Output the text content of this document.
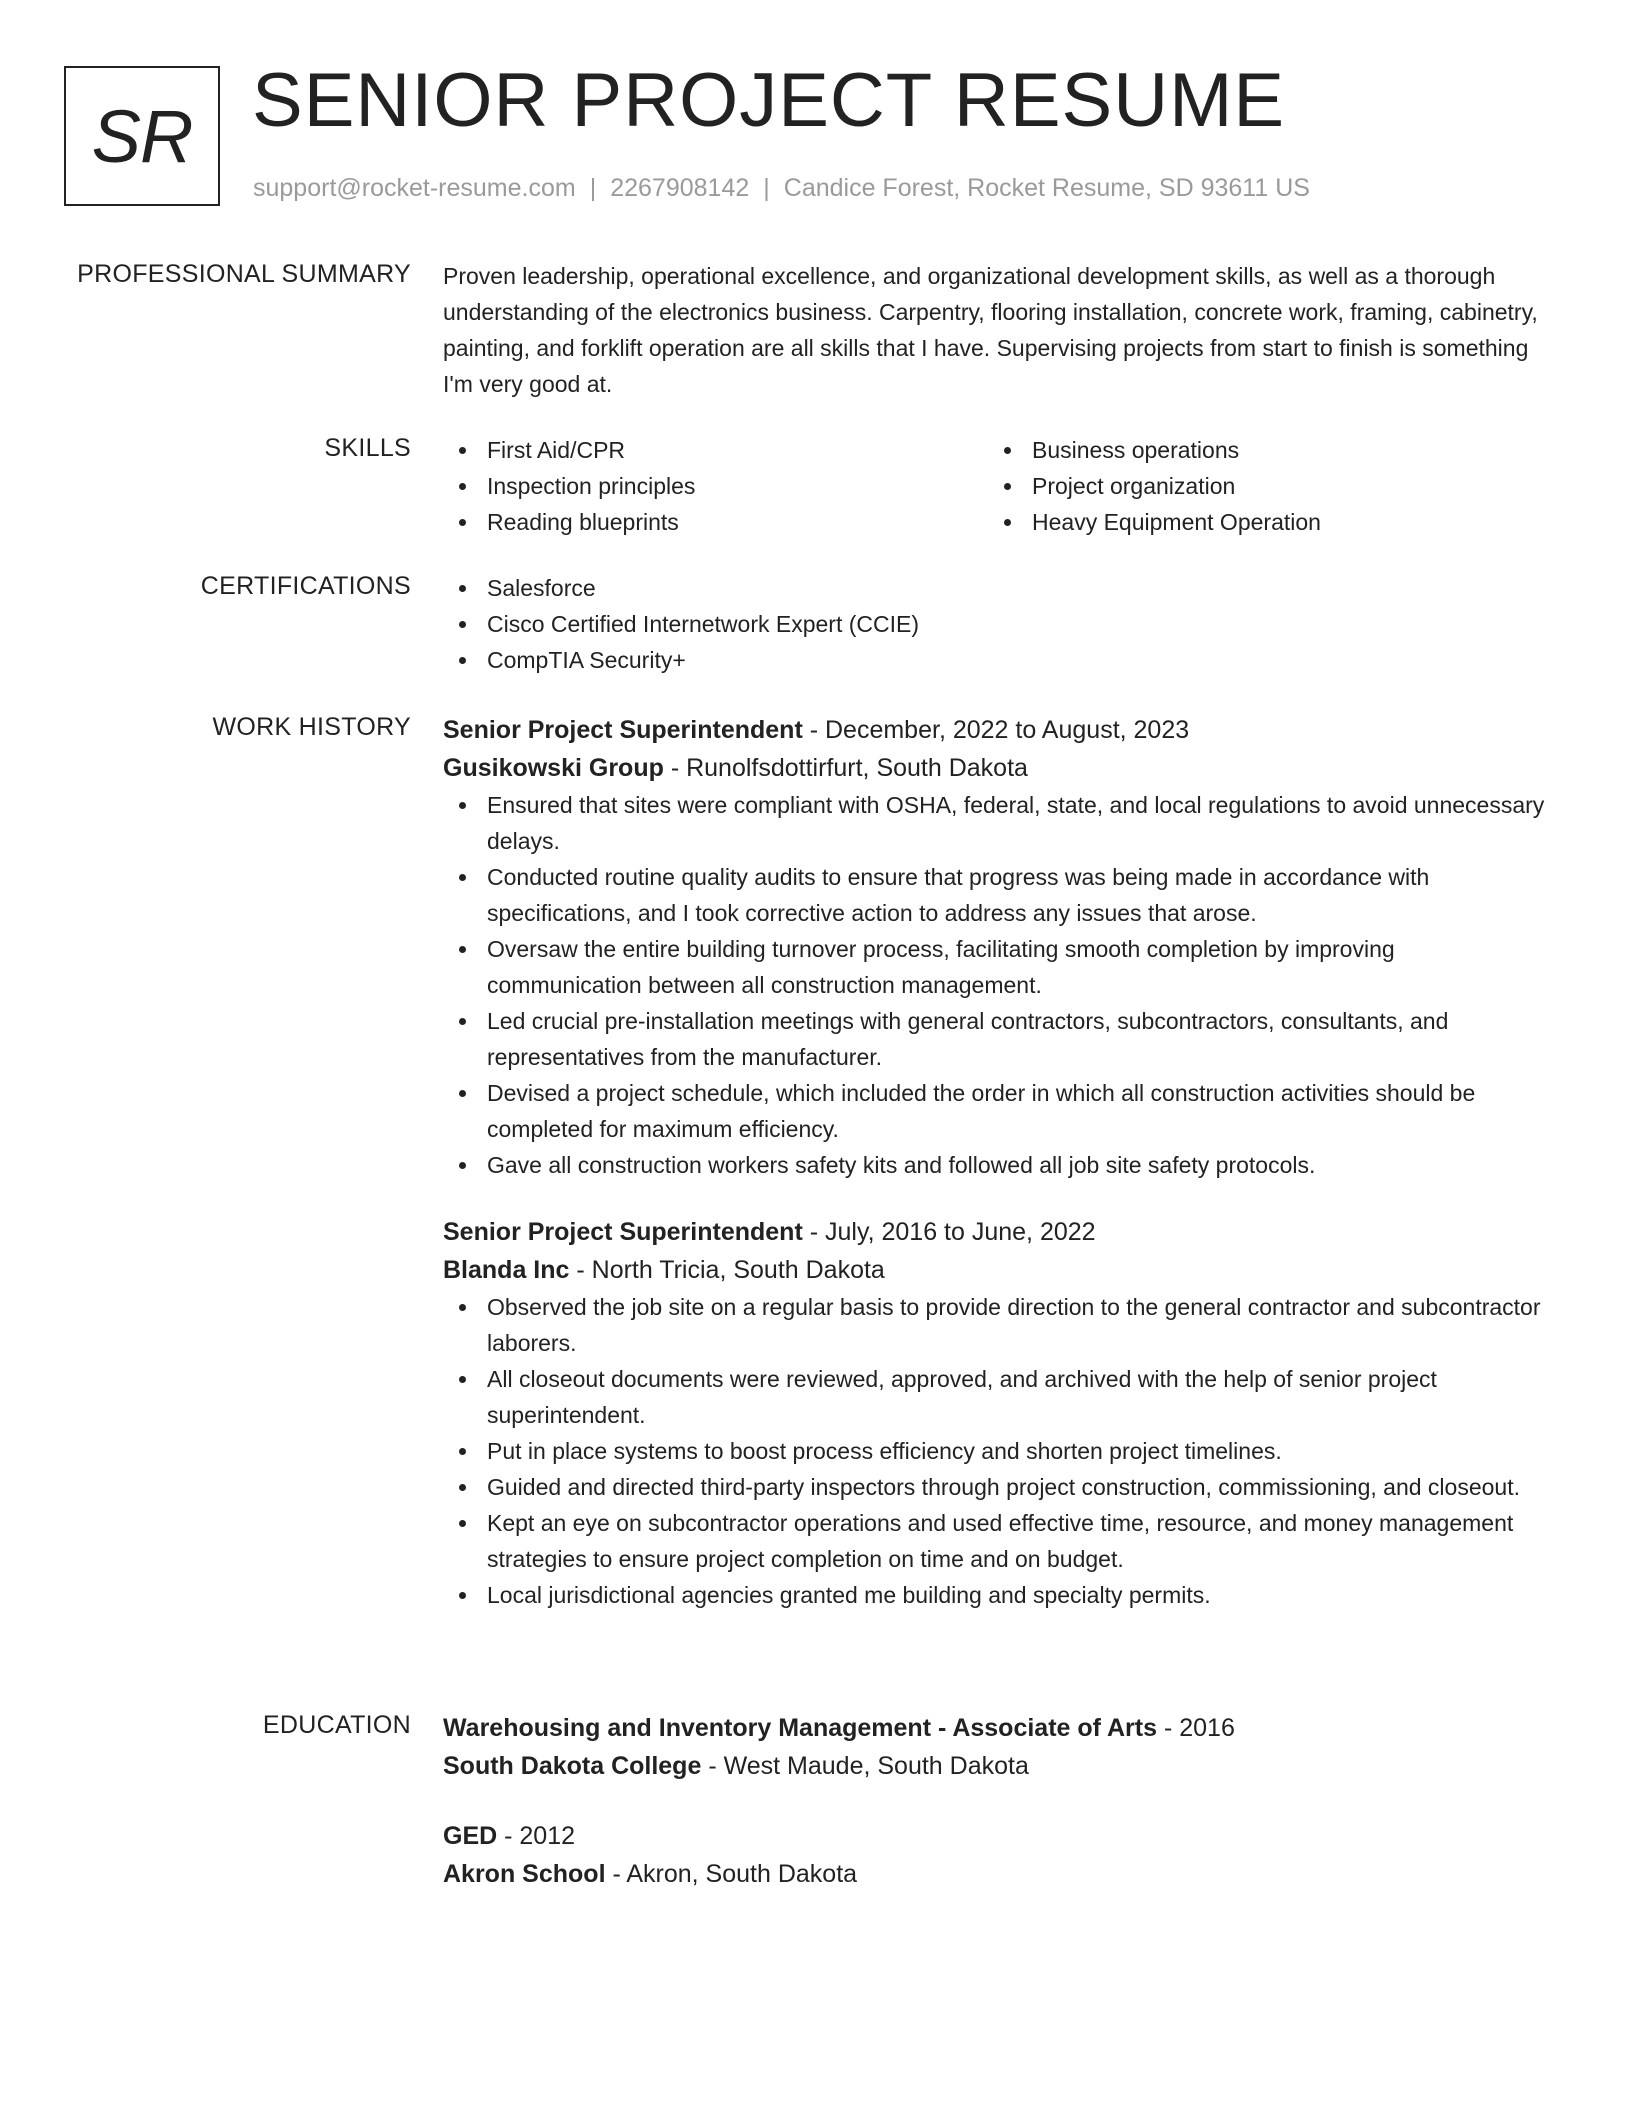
SR SENIOR PROJECT RESUME
support@rocket-resume.com | 2267908142 | Candice Forest, Rocket Resume, SD 93611 US
PROFESSIONAL SUMMARY Proven leadership, operational excellence, and organizational development skills, as well as a thorough understanding of the electronics business. Carpentry, flooring installation, concrete work, framing, cabinetry, painting, and forklift operation are all skills that I have. Supervising projects from start to finish is something I'm very good at.

SKILLS	First Aid/CPR
Inspection principles
Reading blueprints
Business operations
Project organization
Heavy Equipment Operation
CERTIFICATIONS	Salesforce
Cisco Certified Internetwork Expert (CCIE)
CompTIA Security+
WORK HISTORY Senior Project Superintendent - December, 2022 to August, 2023
Gusikowski Group - Runolfsdottirfurt, South Dakota
Ensured that sites were compliant with OSHA, federal, state, and local regulations to avoid unnecessary delays.
Conducted routine quality audits to ensure that progress was being made in accordance with specifications, and I took corrective action to address any issues that arose.
Oversaw the entire building turnover process, facilitating smooth completion by improving communication between all construction management.
Led crucial pre-installation meetings with general contractors, subcontractors, consultants, and representatives from the manufacturer.
Devised a project schedule, which included the order in which all construction activities should be completed for maximum efficiency.
Gave all construction workers safety kits and followed all job site safety protocols.
Senior Project Superintendent - July, 2016 to June, 2022
Blanda Inc - North Tricia, South Dakota
Observed the job site on a regular basis to provide direction to the general contractor and subcontractor laborers.
All closeout documents were reviewed, approved, and archived with the help of senior project superintendent.
Put in place systems to boost process efficiency and shorten project timelines.
Guided and directed third-party inspectors through project construction, commissioning, and closeout.
Kept an eye on subcontractor operations and used effective time, resource, and money management strategies to ensure project completion on time and on budget.
Local jurisdictional agencies granted me building and specialty permits.
EDUCATION Warehousing and Inventory Management - Associate of Arts - 2016
South Dakota College - West Maude, South Dakota
GED - 2012
Akron School - Akron, South Dakota
